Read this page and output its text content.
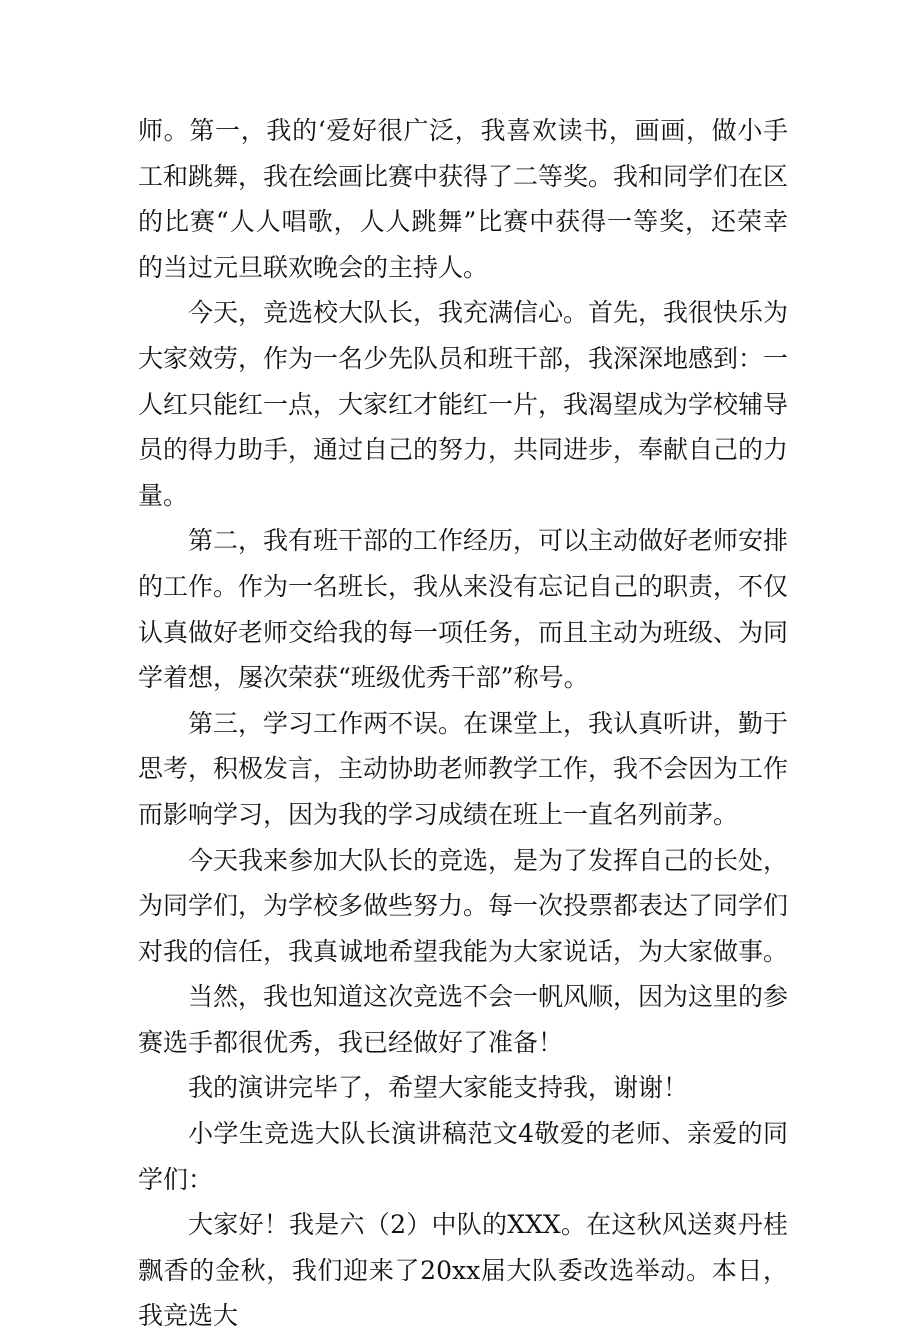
师。第一，我的‘爱好很广泛，我喜欢读书，画画，做小手工和跳舞，我在绘画比赛中获得了二等奖。我和同学们在区的比赛“人人唱歌，人人跳舞”比赛中获得一等奖，还荣幸的当过元旦联欢晚会的主持人。

今天，竞选校大队长，我充满信心。首先，我很快乐为大家效劳，作为一名少先队员和班干部，我深深地感到：一人红只能红一点，大家红才能红一片，我渴望成为学校辅导员的得力助手，通过自己的努力，共同进步，奉献自己的力量。

第二，我有班干部的工作经历，可以主动做好老师安排的工作。作为一名班长，我从来没有忘记自己的职责，不仅认真做好老师交给我的每一项任务，而且主动为班级、为同学着想，屡次荣获“班级优秀干部”称号。

第三，学习工作两不误。在课堂上，我认真听讲，勤于思考，积极发言，主动协助老师教学工作，我不会因为工作而影响学习，因为我的学习成绩在班上一直名列前茅。

今天我来参加大队长的竞选，是为了发挥自己的长处，为同学们，为学校多做些努力。每一次投票都表达了同学们对我的信任，我真诚地希望我能为大家说话，为大家做事。

当然，我也知道这次竞选不会一帆风顺，因为这里的参赛选手都很优秀，我已经做好了准备！

我的演讲完毕了，希望大家能支持我，谢谢！

小学生竞选大队长演讲稿范文4敬爱的老师、亲爱的同学们：

大家好！我是六（2）中队的XXX。在这秋风送爽丹桂飘香的金秋，我们迎来了20xx届大队委改选举动。本日，我竞选大
